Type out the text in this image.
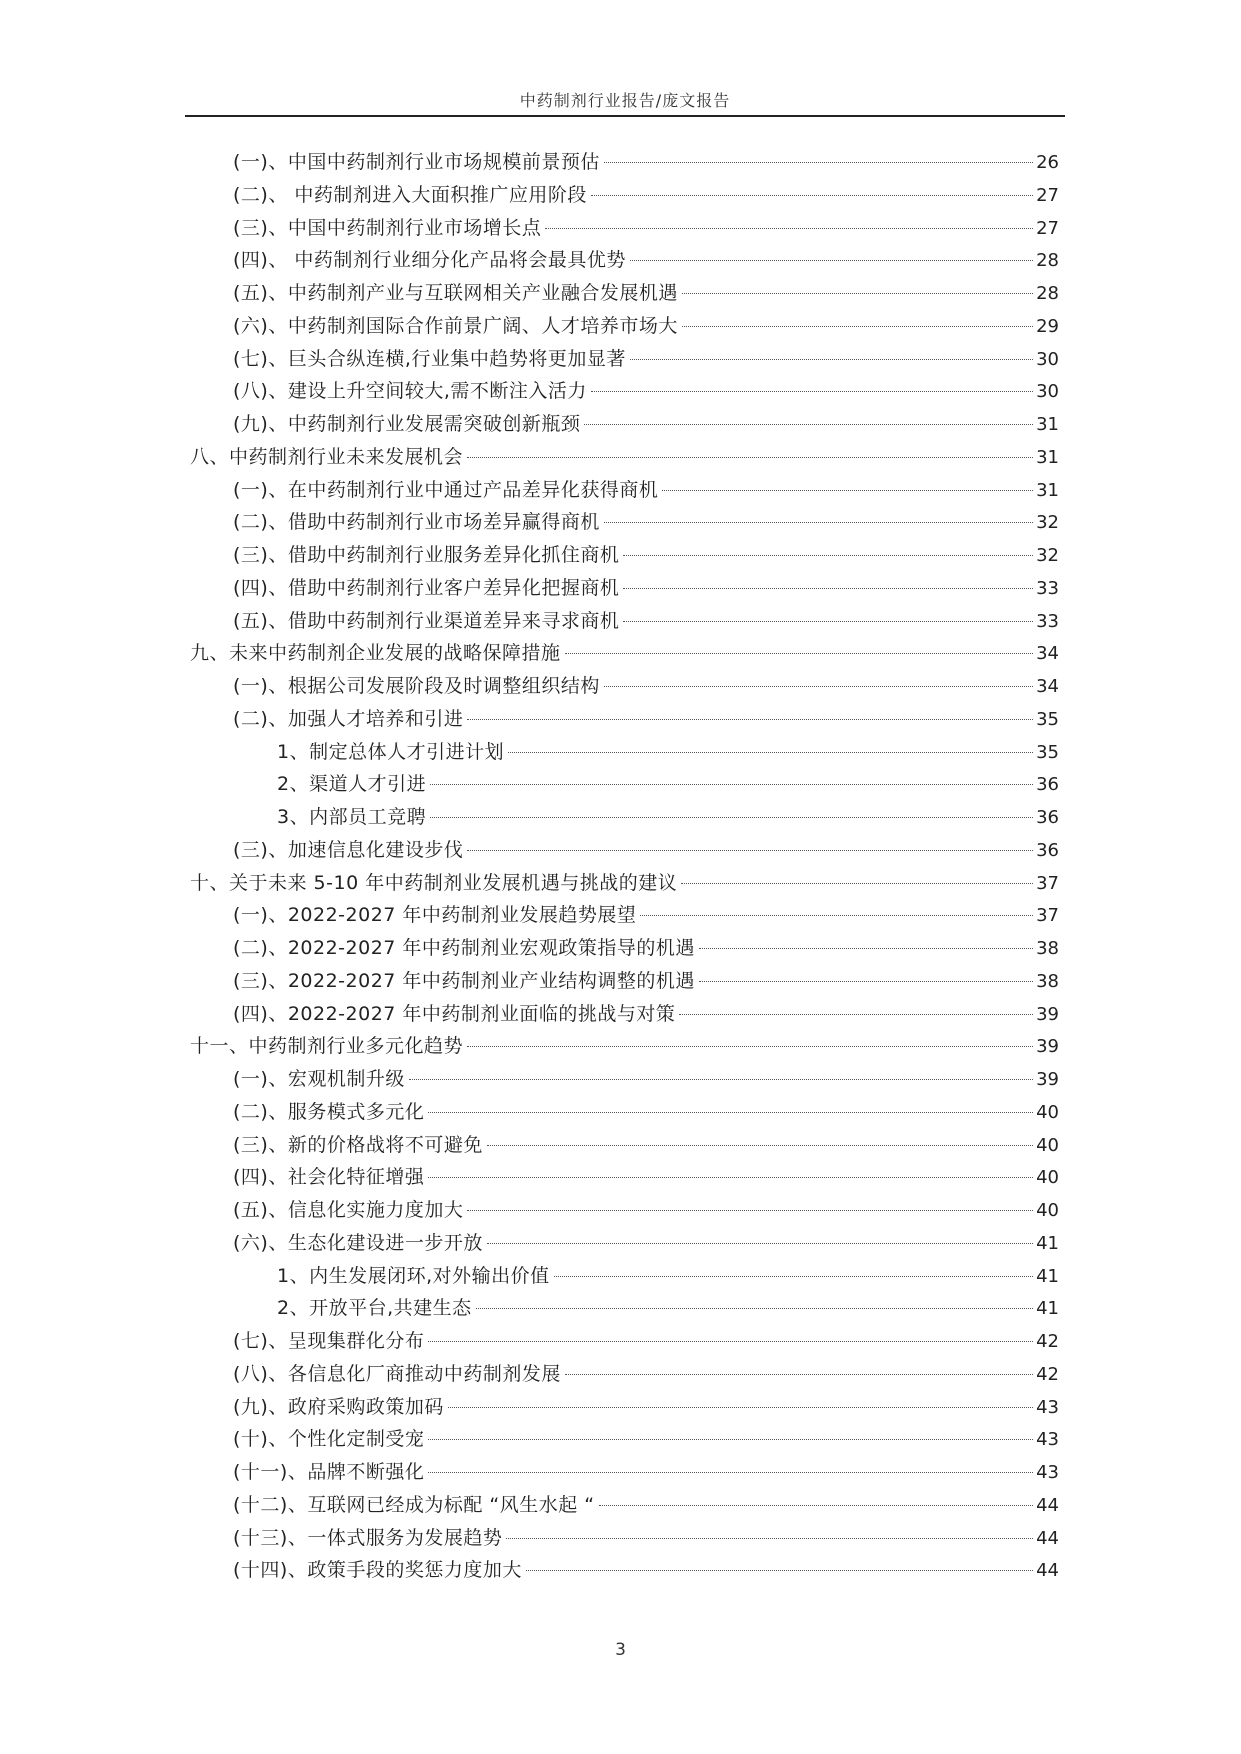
中药制剂行业报告/庞文报告
(一)、中国中药制剂行业市场规模前景预估	26
(二)、 中药制剂进入大面积推广应用阶段	27
(三)、中国中药制剂行业市场增长点	27
(四)、 中药制剂行业细分化产品将会最具优势	28
(五)、中药制剂产业与互联网相关产业融合发展机遇	28
(六)、中药制剂国际合作前景广阔、人才培养市场大	29
(七)、巨头合纵连横,行业集中趋势将更加显著	30
(八)、建设上升空间较大,需不断注入活力	30
(九)、中药制剂行业发展需突破创新瓶颈	31
八、中药制剂行业未来发展机会	31
(一)、在中药制剂行业中通过产品差异化获得商机	31
(二)、借助中药制剂行业市场差异赢得商机	32
(三)、借助中药制剂行业服务差异化抓住商机	32
(四)、借助中药制剂行业客户差异化把握商机	33
(五)、借助中药制剂行业渠道差异来寻求商机	33
九、未来中药制剂企业发展的战略保障措施	34
(一)、根据公司发展阶段及时调整组织结构	34
(二)、加强人才培养和引进	35
1、制定总体人才引进计划	35
2、渠道人才引进	36
3、内部员工竞聘	36
(三)、加速信息化建设步伐	36
十、关于未来 5-10 年中药制剂业发展机遇与挑战的建议	37
(一)、2022-2027 年中药制剂业发展趋势展望	37
(二)、2022-2027 年中药制剂业宏观政策指导的机遇	38
(三)、2022-2027 年中药制剂业产业结构调整的机遇	38
(四)、2022-2027 年中药制剂业面临的挑战与对策	39
十一、中药制剂行业多元化趋势	39
(一)、宏观机制升级	39
(二)、服务模式多元化	40
(三)、新的价格战将不可避免	40
(四)、社会化特征增强	40
(五)、信息化实施力度加大	40
(六)、生态化建设进一步开放	41
1、内生发展闭环,对外输出价值	41
2、开放平台,共建生态	41
(七)、呈现集群化分布	42
(八)、各信息化厂商推动中药制剂发展	42
(九)、政府采购政策加码	43
(十)、个性化定制受宠	43
(十一)、品牌不断强化	43
(十二)、互联网已经成为标配 “风生水起 “	44
(十三)、一体式服务为发展趋势	44
(十四)、政策手段的奖惩力度加大	44
3
